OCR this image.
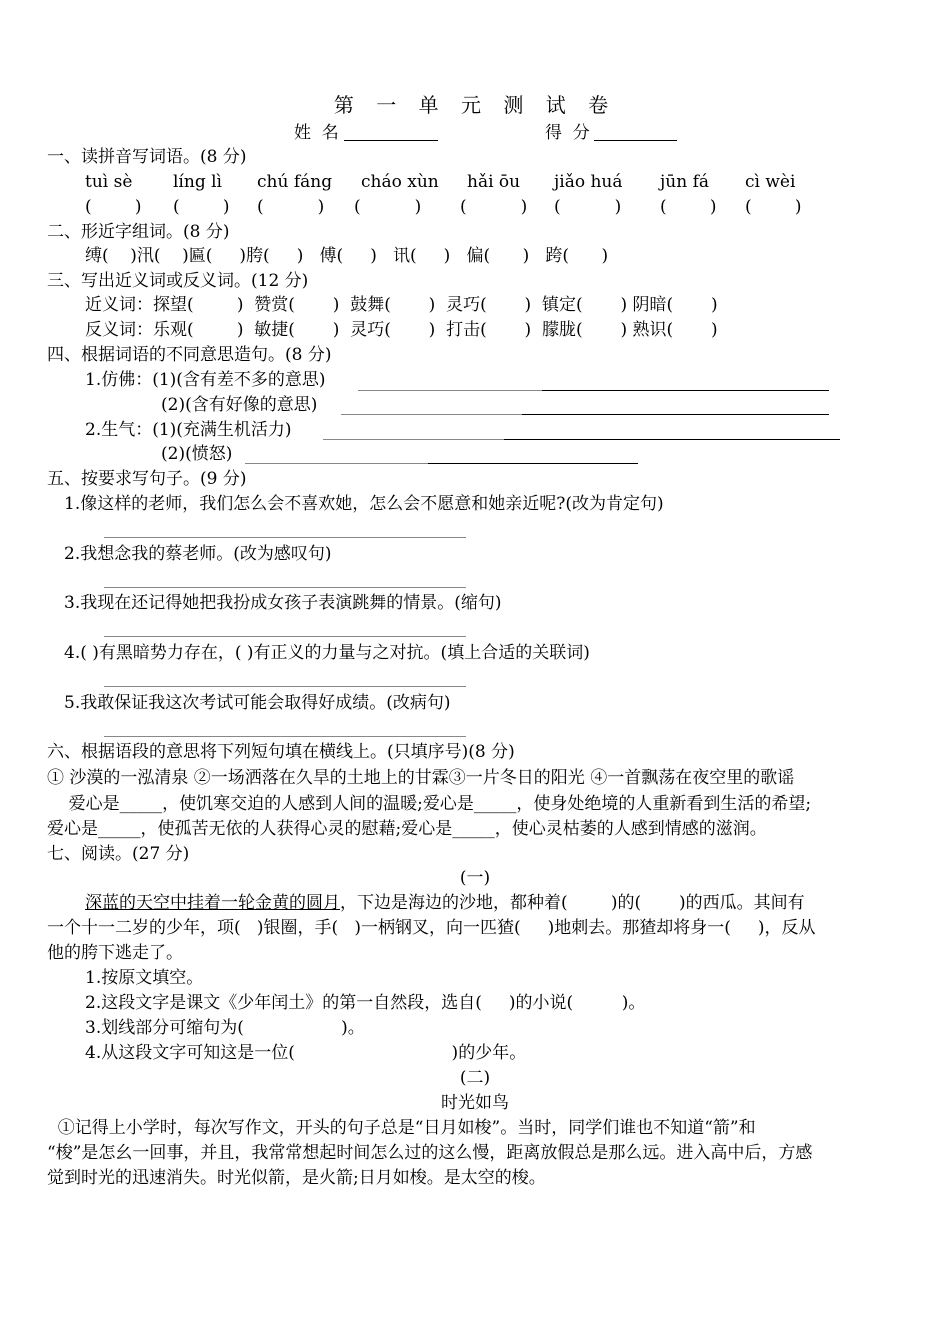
第 一 单 元 测 试 卷
姓  名	得  分
一、读拼音写词语。(8 分)
tuì sè líng lì chú fáng cháo xùn hǎi ōu jiǎo huá jūn fá cì wèi
(        ) (        ) (          ) (          ) (          ) (          ) (        ) (        )
二、形近字组词。(8 分)
缚(    )汛(    )匾(     )胯(     )   傅(     )   讯(     )   偏(      )   跨(      )
三、写出近义词或反义词。(12 分)
近义词：探望(        )  赞赏(       )  鼓舞(       )  灵巧(       )  镇定(       ) 阴暗(       )
反义词：乐观(        )  敏捷(       )  灵巧(       )  打击(       )  朦胧(       ) 熟识(       )
四、根据词语的不同意思造句。(8 分)
1.仿佛：(1)(含有差不多的意思)
(2)(含有好像的意思)
2.生气：(1)(充满生机活力)
(2)(愤怒)
五、按要求写句子。(9 分)
1.像这样的老师，我们怎么会不喜欢她，怎么会不愿意和她亲近呢?(改为肯定句)
2.我想念我的蔡老师。(改为感叹句)
3.我现在还记得她把我扮成女孩子表演跳舞的情景。(缩句)
4.( )有黑暗势力存在，( )有正义的力量与之对抗。(填上合适的关联词)
5.我敢保证我这次考试可能会取得好成绩。(改病句)
六、根据语段的意思将下列短句填在横线上。(只填序号)(8 分)
① 沙漠的一泓清泉 ②一场洒落在久旱的土地上的甘霖③一片冬日的阳光 ④一首飘荡在夜空里的歌谣
爱心是_____，使饥寒交迫的人感到人间的温暖;爱心是_____，使身处绝境的人重新看到生活的希望;
爱心是_____，使孤苦无依的人获得心灵的慰藉;爱心是_____，使心灵枯萎的人感到情感的滋润。
七、阅读。(27 分)
(一)
深蓝的天空中挂着一轮金黄的圆月，下边是海边的沙地，都种着(        )的(       )的西瓜。其间有
一个十一二岁的少年，项(   )银圈，手(   )一柄钢叉，向一匹猹(     )地刺去。那猹却将身一(     )，反从
他的胯下逃走了。
1.按原文填空。
2.这段文字是课文《少年闰土》的第一自然段，选自(     )的小说(         )。
3.划线部分可缩句为(                  )。
4.从这段文字可知这是一位(                             )的少年。
(二)
时光如鸟
①记得上小学时，每次写作文，开头的句子总是“日月如梭”。当时，同学们谁也不知道“箭”和
“梭”是怎幺一回事，并且，我常常想起时间怎么过的这么慢，距离放假总是那么远。进入高中后，方感
觉到时光的迅速消失。时光似箭，是火箭;日月如梭。是太空的梭。
